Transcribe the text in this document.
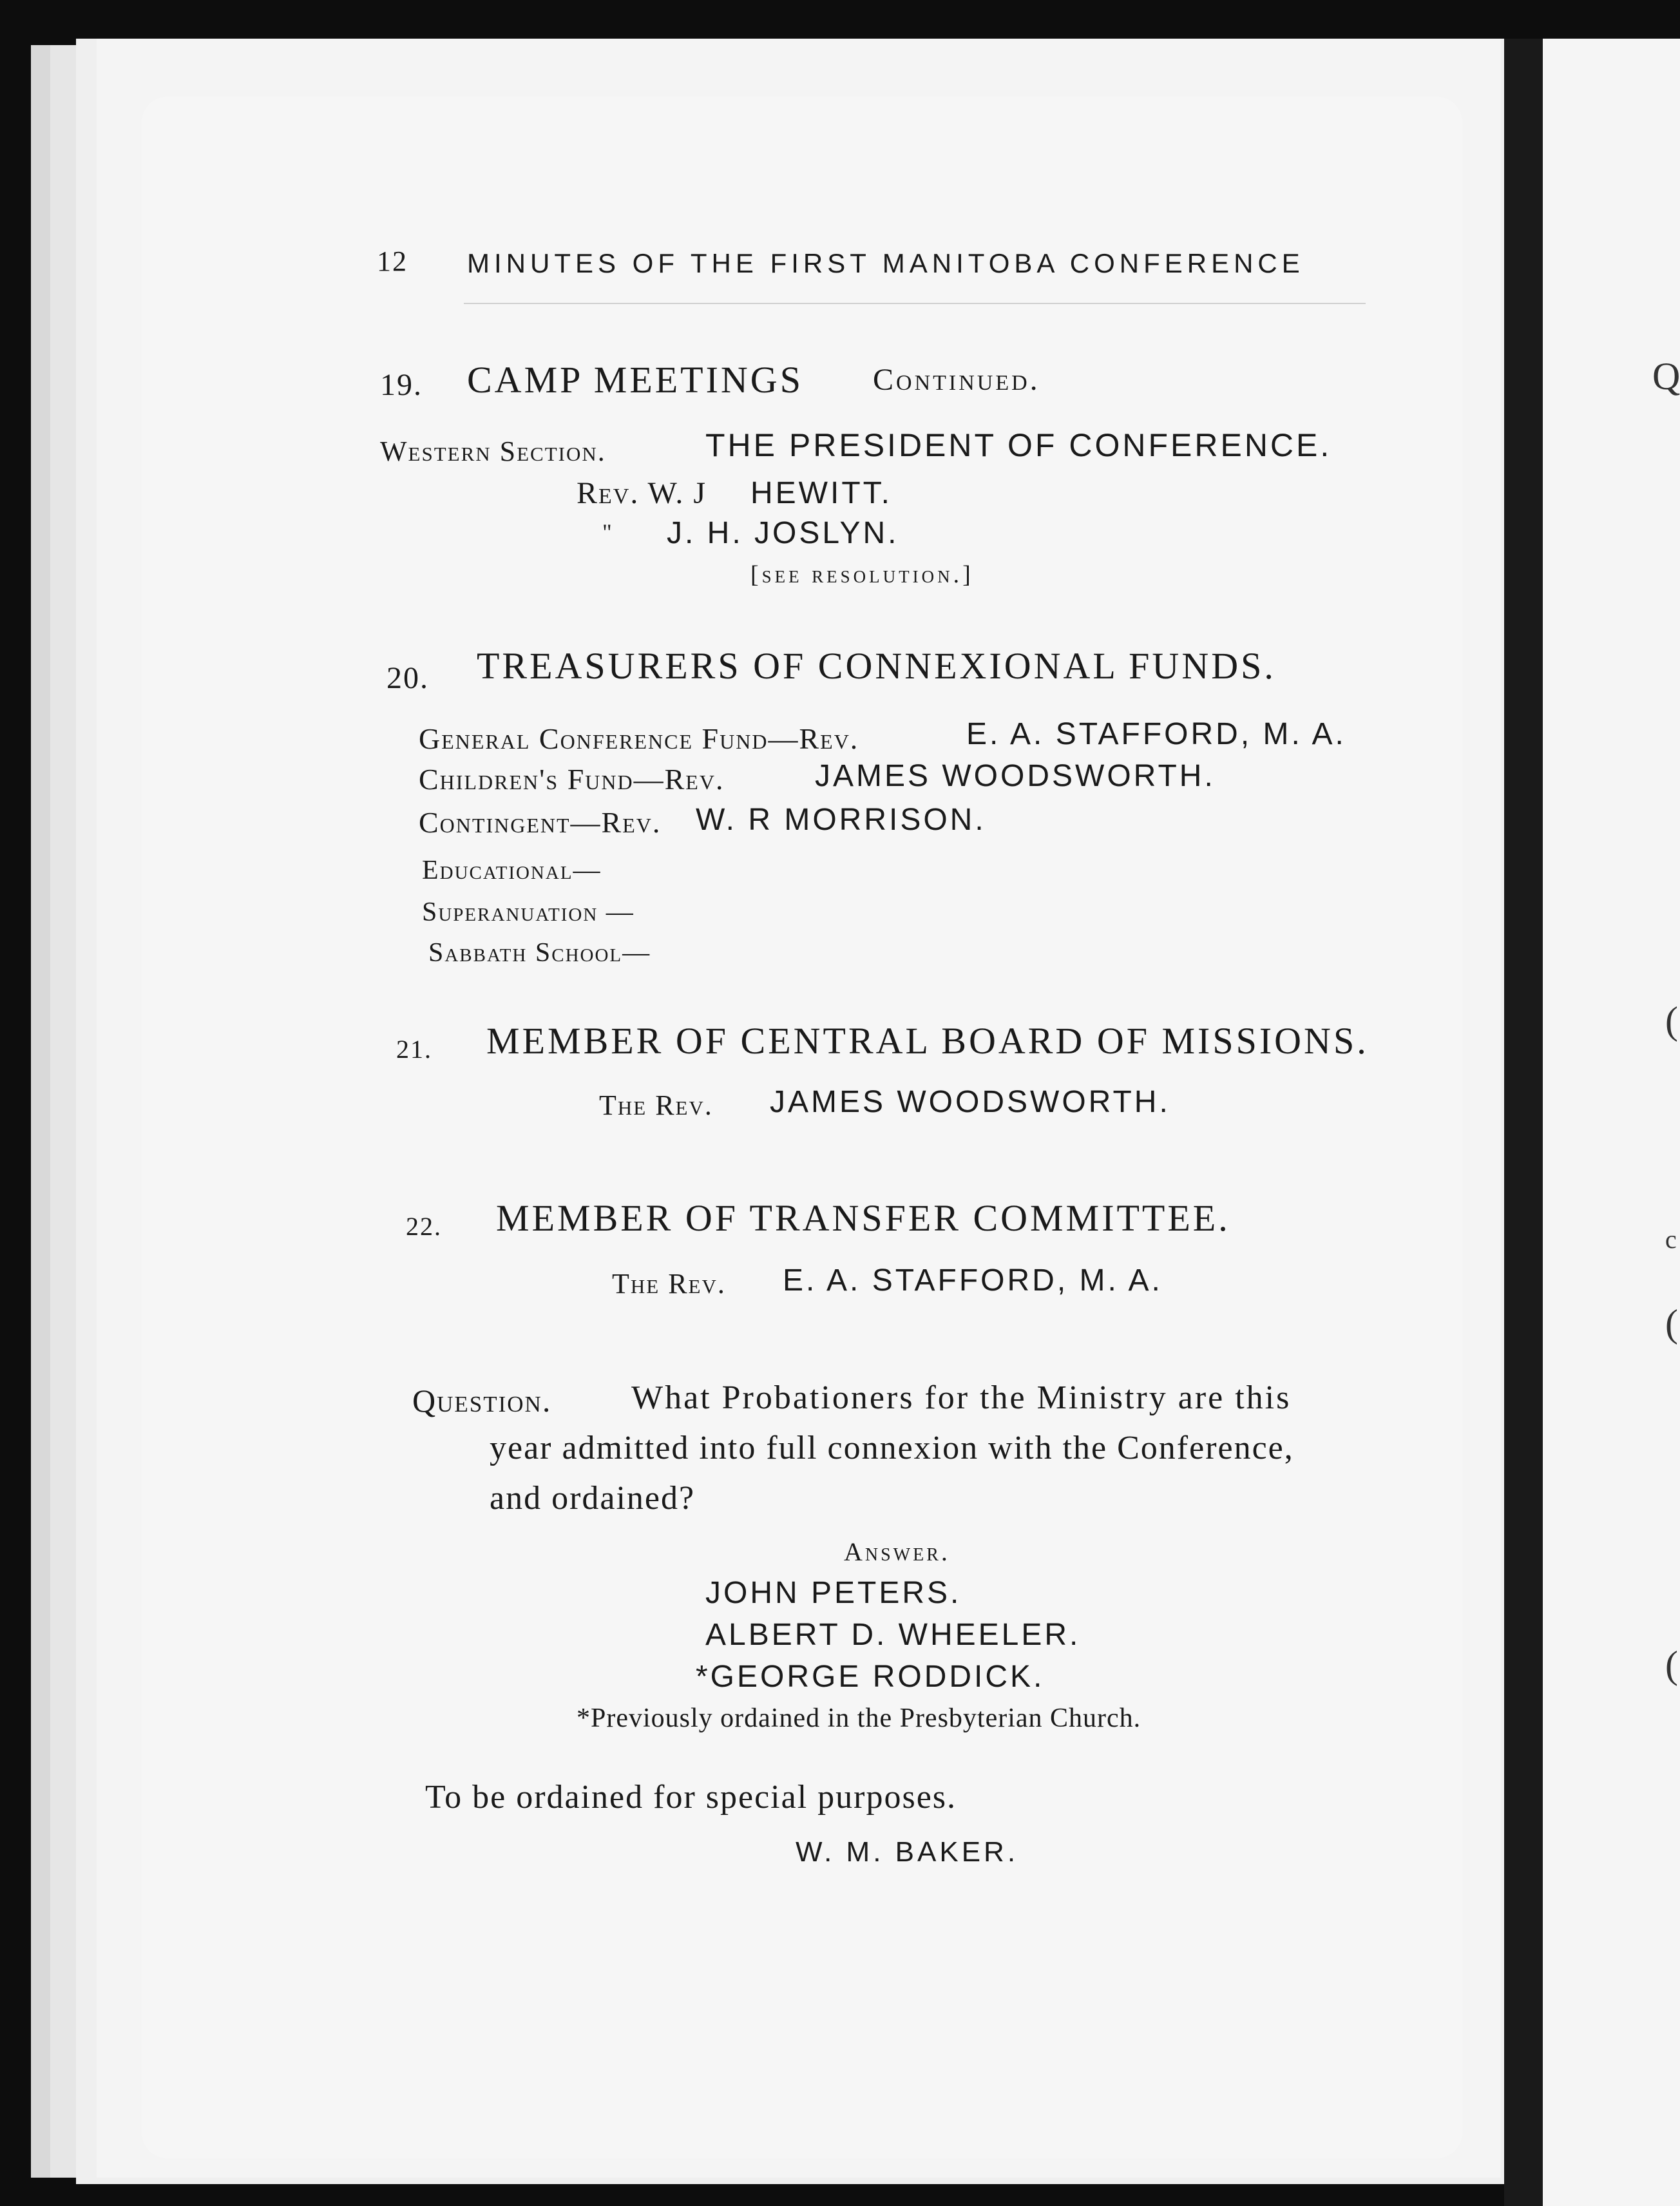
Q
(
c
(
(
12 MINUTES OF THE FIRST MANITOBA CONFERENCE
19. CAMP MEETINGS Continued.
Western Section.	THE PRESIDENT OF CONFERENCE.
Rev. W. J HEWITT.
" J. H. JOSLYN.
[see resolution.]
20. TREASURERS OF CONNEXIONAL FUNDS.
General Conference Fund—Rev.	E. A. STAFFORD, M. A.
Children's Fund—Rev.	JAMES WOODSWORTH.
Contingent—Rev. W. R MORRISON.
Educational—
Superanuation —
Sabbath School—
21. MEMBER OF CENTRAL BOARD OF MISSIONS.
The Rev. JAMES WOODSWORTH.
22. MEMBER OF TRANSFER COMMITTEE.
The Rev. E. A. STAFFORD, M. A.
Question. What Probationers for the Ministry are this
year admitted into full connexion with the Conference,
and ordained?
Answer.
JOHN PETERS.
ALBERT D. WHEELER.
*GEORGE RODDICK.
*Previously ordained in the Presbyterian Church.
To be ordained for special purposes.
W. M. BAKER.
